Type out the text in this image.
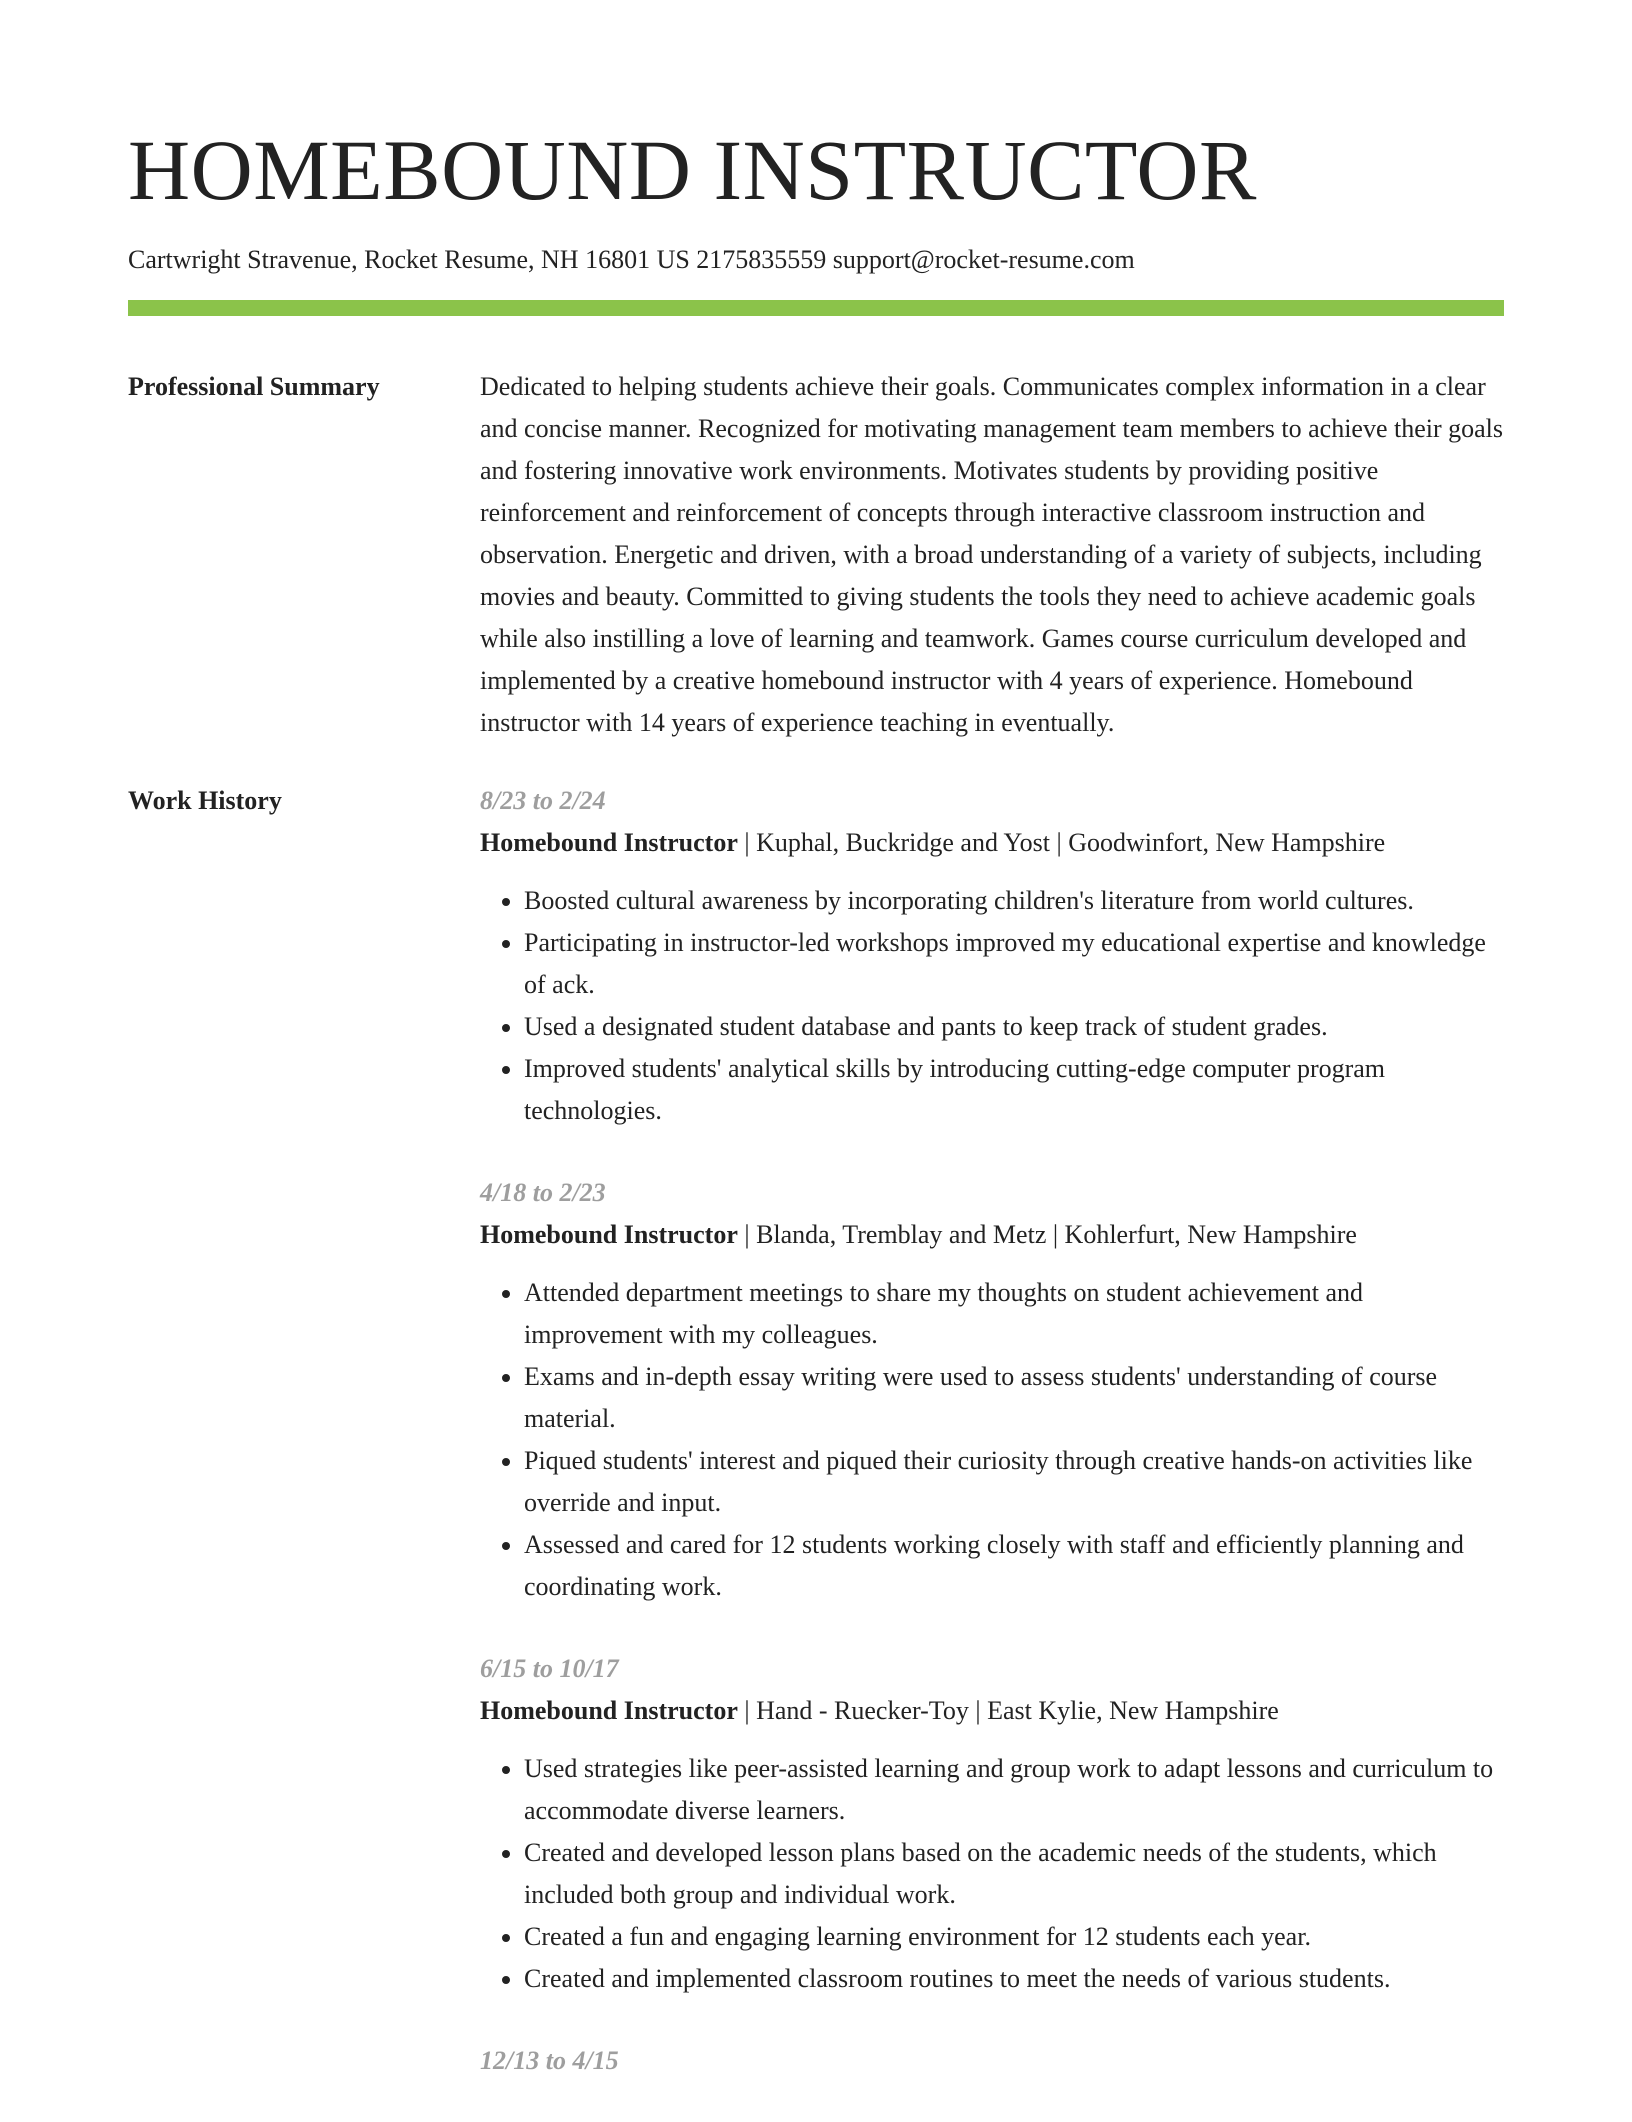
HOMEBOUND INSTRUCTOR
Cartwright Stravenue, Rocket Resume, NH 16801 US 2175835559 support@rocket-resume.com
Professional Summary	Dedicated to helping students achieve their goals. Communicates complex information in a clear and concise manner. Recognized for motivating management team members to achieve their goals and fostering innovative work environments. Motivates students by providing positive reinforcement and reinforcement of concepts through interactive classroom instruction and observation. Energetic and driven, with a broad understanding of a variety of subjects, including movies and beauty. Committed to giving students the tools they need to achieve academic goals while also instilling a love of learning and teamwork. Games course curriculum developed and implemented by a creative homebound instructor with 4 years of experience. Homebound instructor with 14 years of experience teaching in eventually.

Work History	8/23 to 2/24
Homebound Instructor | Kuphal, Buckridge and Yost | Goodwinfort, New Hampshire
• Boosted cultural awareness by incorporating children's literature from world cultures.
• Participating in instructor-led workshops improved my educational expertise and knowledge of ack.
• Used a designated student database and pants to keep track of student grades.
• Improved students' analytical skills by introducing cutting-edge computer program technologies.
4/18 to 2/23
Homebound Instructor | Blanda, Tremblay and Metz | Kohlerfurt, New Hampshire
• Attended department meetings to share my thoughts on student achievement and improvement with my colleagues.
• Exams and in-depth essay writing were used to assess students' understanding of course material.
• Piqued students' interest and piqued their curiosity through creative hands-on activities like override and input.
• Assessed and cared for 12 students working closely with staff and efficiently planning and coordinating work.
6/15 to 10/17
Homebound Instructor | Hand - Ruecker-Toy | East Kylie, New Hampshire
• Used strategies like peer-assisted learning and group work to adapt lessons and curriculum to accommodate diverse learners.
• Created and developed lesson plans based on the academic needs of the students, which included both group and individual work.
• Created a fun and engaging learning environment for 12 students each year.
• Created and implemented classroom routines to meet the needs of various students.
12/13 to 4/15
